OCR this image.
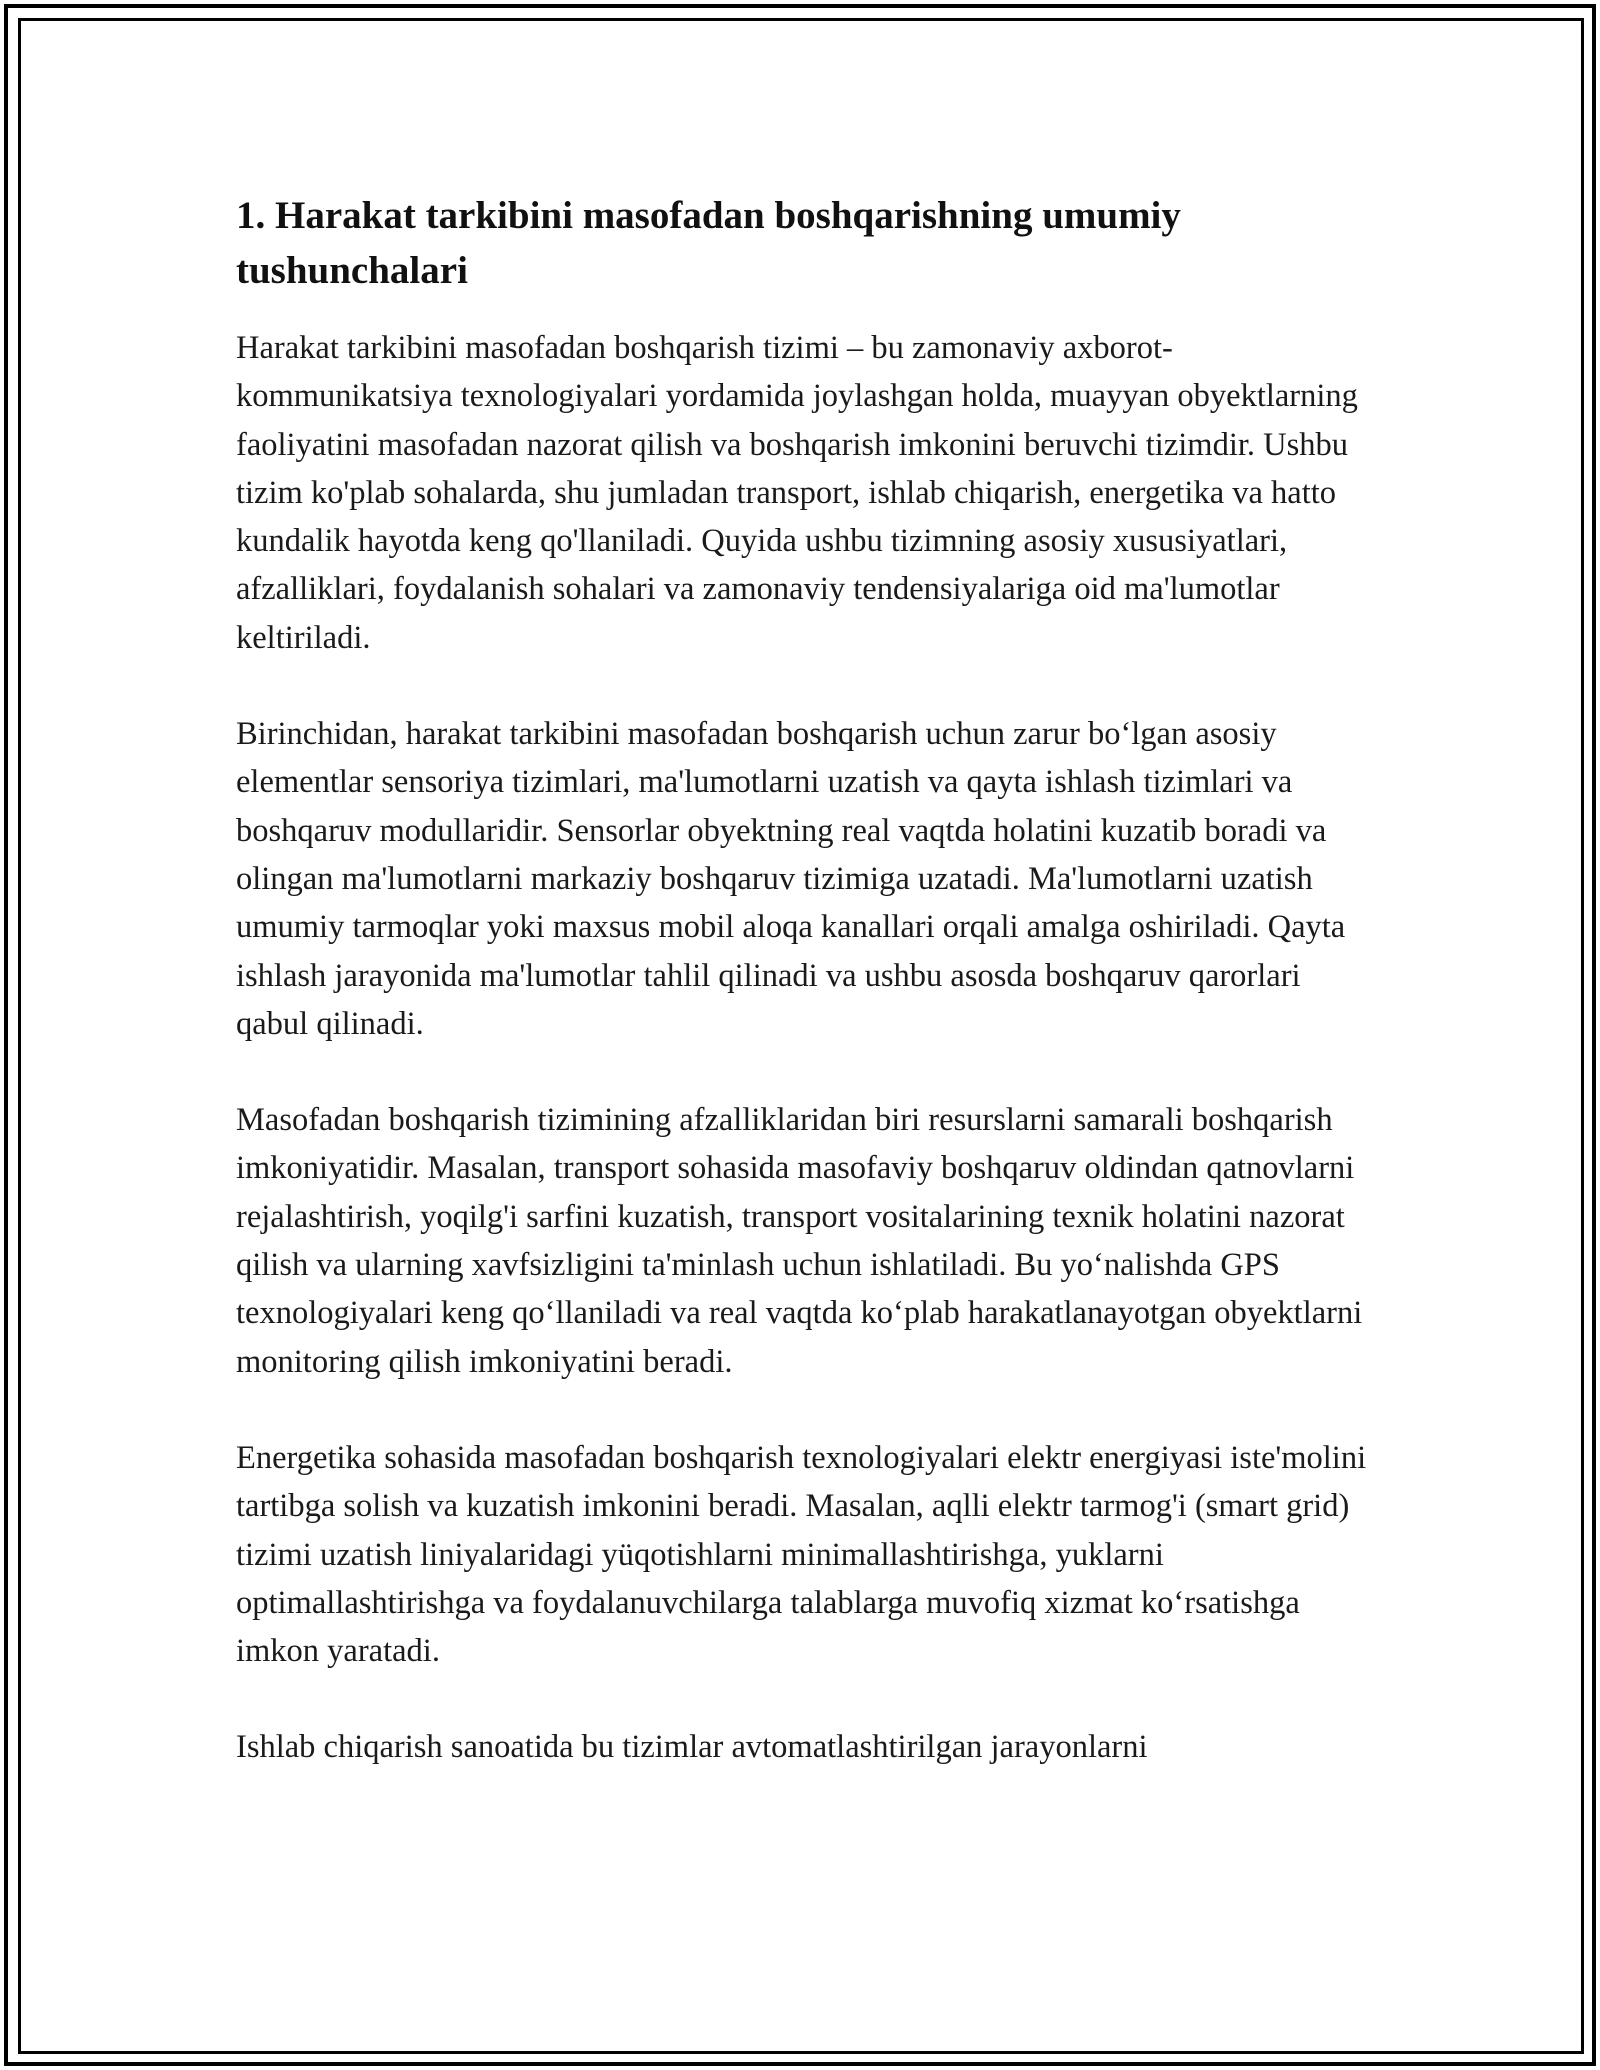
1. Harakat tarkibini masofadan boshqarishning umumiy tushunchalari

Harakat tarkibini masofadan boshqarish tizimi – bu zamonaviy axborot-kommunikatsiya texnologiyalari yordamida joylashgan holda, muayyan obyektlarning faoliyatini masofadan nazorat qilish va boshqarish imkonini beruvchi tizimdir. Ushbu tizim ko'plab sohalarda, shu jumladan transport, ishlab chiqarish, energetika va hatto kundalik hayotda keng qo'llaniladi. Quyida ushbu tizimning asosiy xususiyatlari, afzalliklari, foydalanish sohalari va zamonaviy tendensiyalariga oid ma'lumotlar keltiriladi.

Birinchidan, harakat tarkibini masofadan boshqarish uchun zarur bo‘lgan asosiy elementlar sensoriya tizimlari, ma'lumotlarni uzatish va qayta ishlash tizimlari va boshqaruv modullaridir. Sensorlar obyektning real vaqtda holatini kuzatib boradi va olingan ma'lumotlarni markaziy boshqaruv tizimiga uzatadi. Ma'lumotlarni uzatish umumiy tarmoqlar yoki maxsus mobil aloqa kanallari orqali amalga oshiriladi. Qayta ishlash jarayonida ma'lumotlar tahlil qilinadi va ushbu asosda boshqaruv qarorlari qabul qilinadi.

Masofadan boshqarish tizimining afzalliklaridan biri resurslarni samarali boshqarish imkoniyatidir. Masalan, transport sohasida masofaviy boshqaruv oldindan qatnovlarni rejalashtirish, yoqilg'i sarfini kuzatish, transport vositalarining texnik holatini nazorat qilish va ularning xavfsizligini ta'minlash uchun ishlatiladi. Bu yo‘nalishda GPS texnologiyalari keng qo‘llaniladi va real vaqtda ko‘plab harakatlanayotgan obyektlarni monitoring qilish imkoniyatini beradi.

Energetika sohasida masofadan boshqarish texnologiyalari elektr energiyasi iste'molini tartibga solish va kuzatish imkonini beradi. Masalan, aqlli elektr tarmog'i (smart grid) tizimi uzatish liniyalaridagi yüqotishlarni minimallashtirishga, yuklarni optimallashtirishga va foydalanuvchilarga talablarga muvofiq xizmat ko‘rsatishga imkon yaratadi.

Ishlab chiqarish sanoatida bu tizimlar avtomatlashtirilgan jarayonlarni
